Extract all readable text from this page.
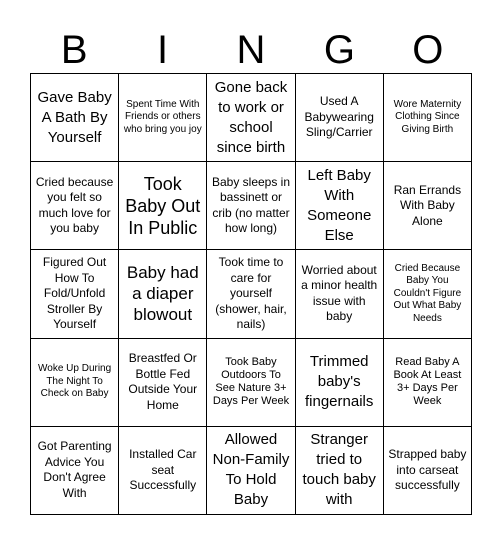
B	I	N	G	O
Gave Baby A Bath By Yourself
Spent Time With Friends or others who bring you joy
Gone back to work or school since birth
Used A Babywearing Sling/Carrier
Wore Maternity Clothing Since Giving Birth
Cried because you felt so much love for you baby
Took Baby Out In Public
Baby sleeps in bassinett or crib (no matter how long)
Left Baby With Someone Else
Ran Errands With Baby Alone
Figured Out How To Fold/Unfold Stroller By Yourself
Baby had a diaper blowout
Took time to care for yourself (shower, hair, nails)
Worried about a minor health issue with baby
Cried Because Baby You Couldn't Figure Out What Baby Needs
Woke Up During The Night To Check on Baby
Breastfed Or Bottle Fed Outside Your Home
Took Baby Outdoors To See Nature 3+ Days Per Week
Trimmed baby's fingernails
Read Baby A Book At Least 3+ Days Per Week
Got Parenting Advice You Don't Agree With
Installed Car seat Successfully
Allowed Non-Family To Hold Baby
Stranger tried to touch baby with
Strapped baby into carseat successfully
